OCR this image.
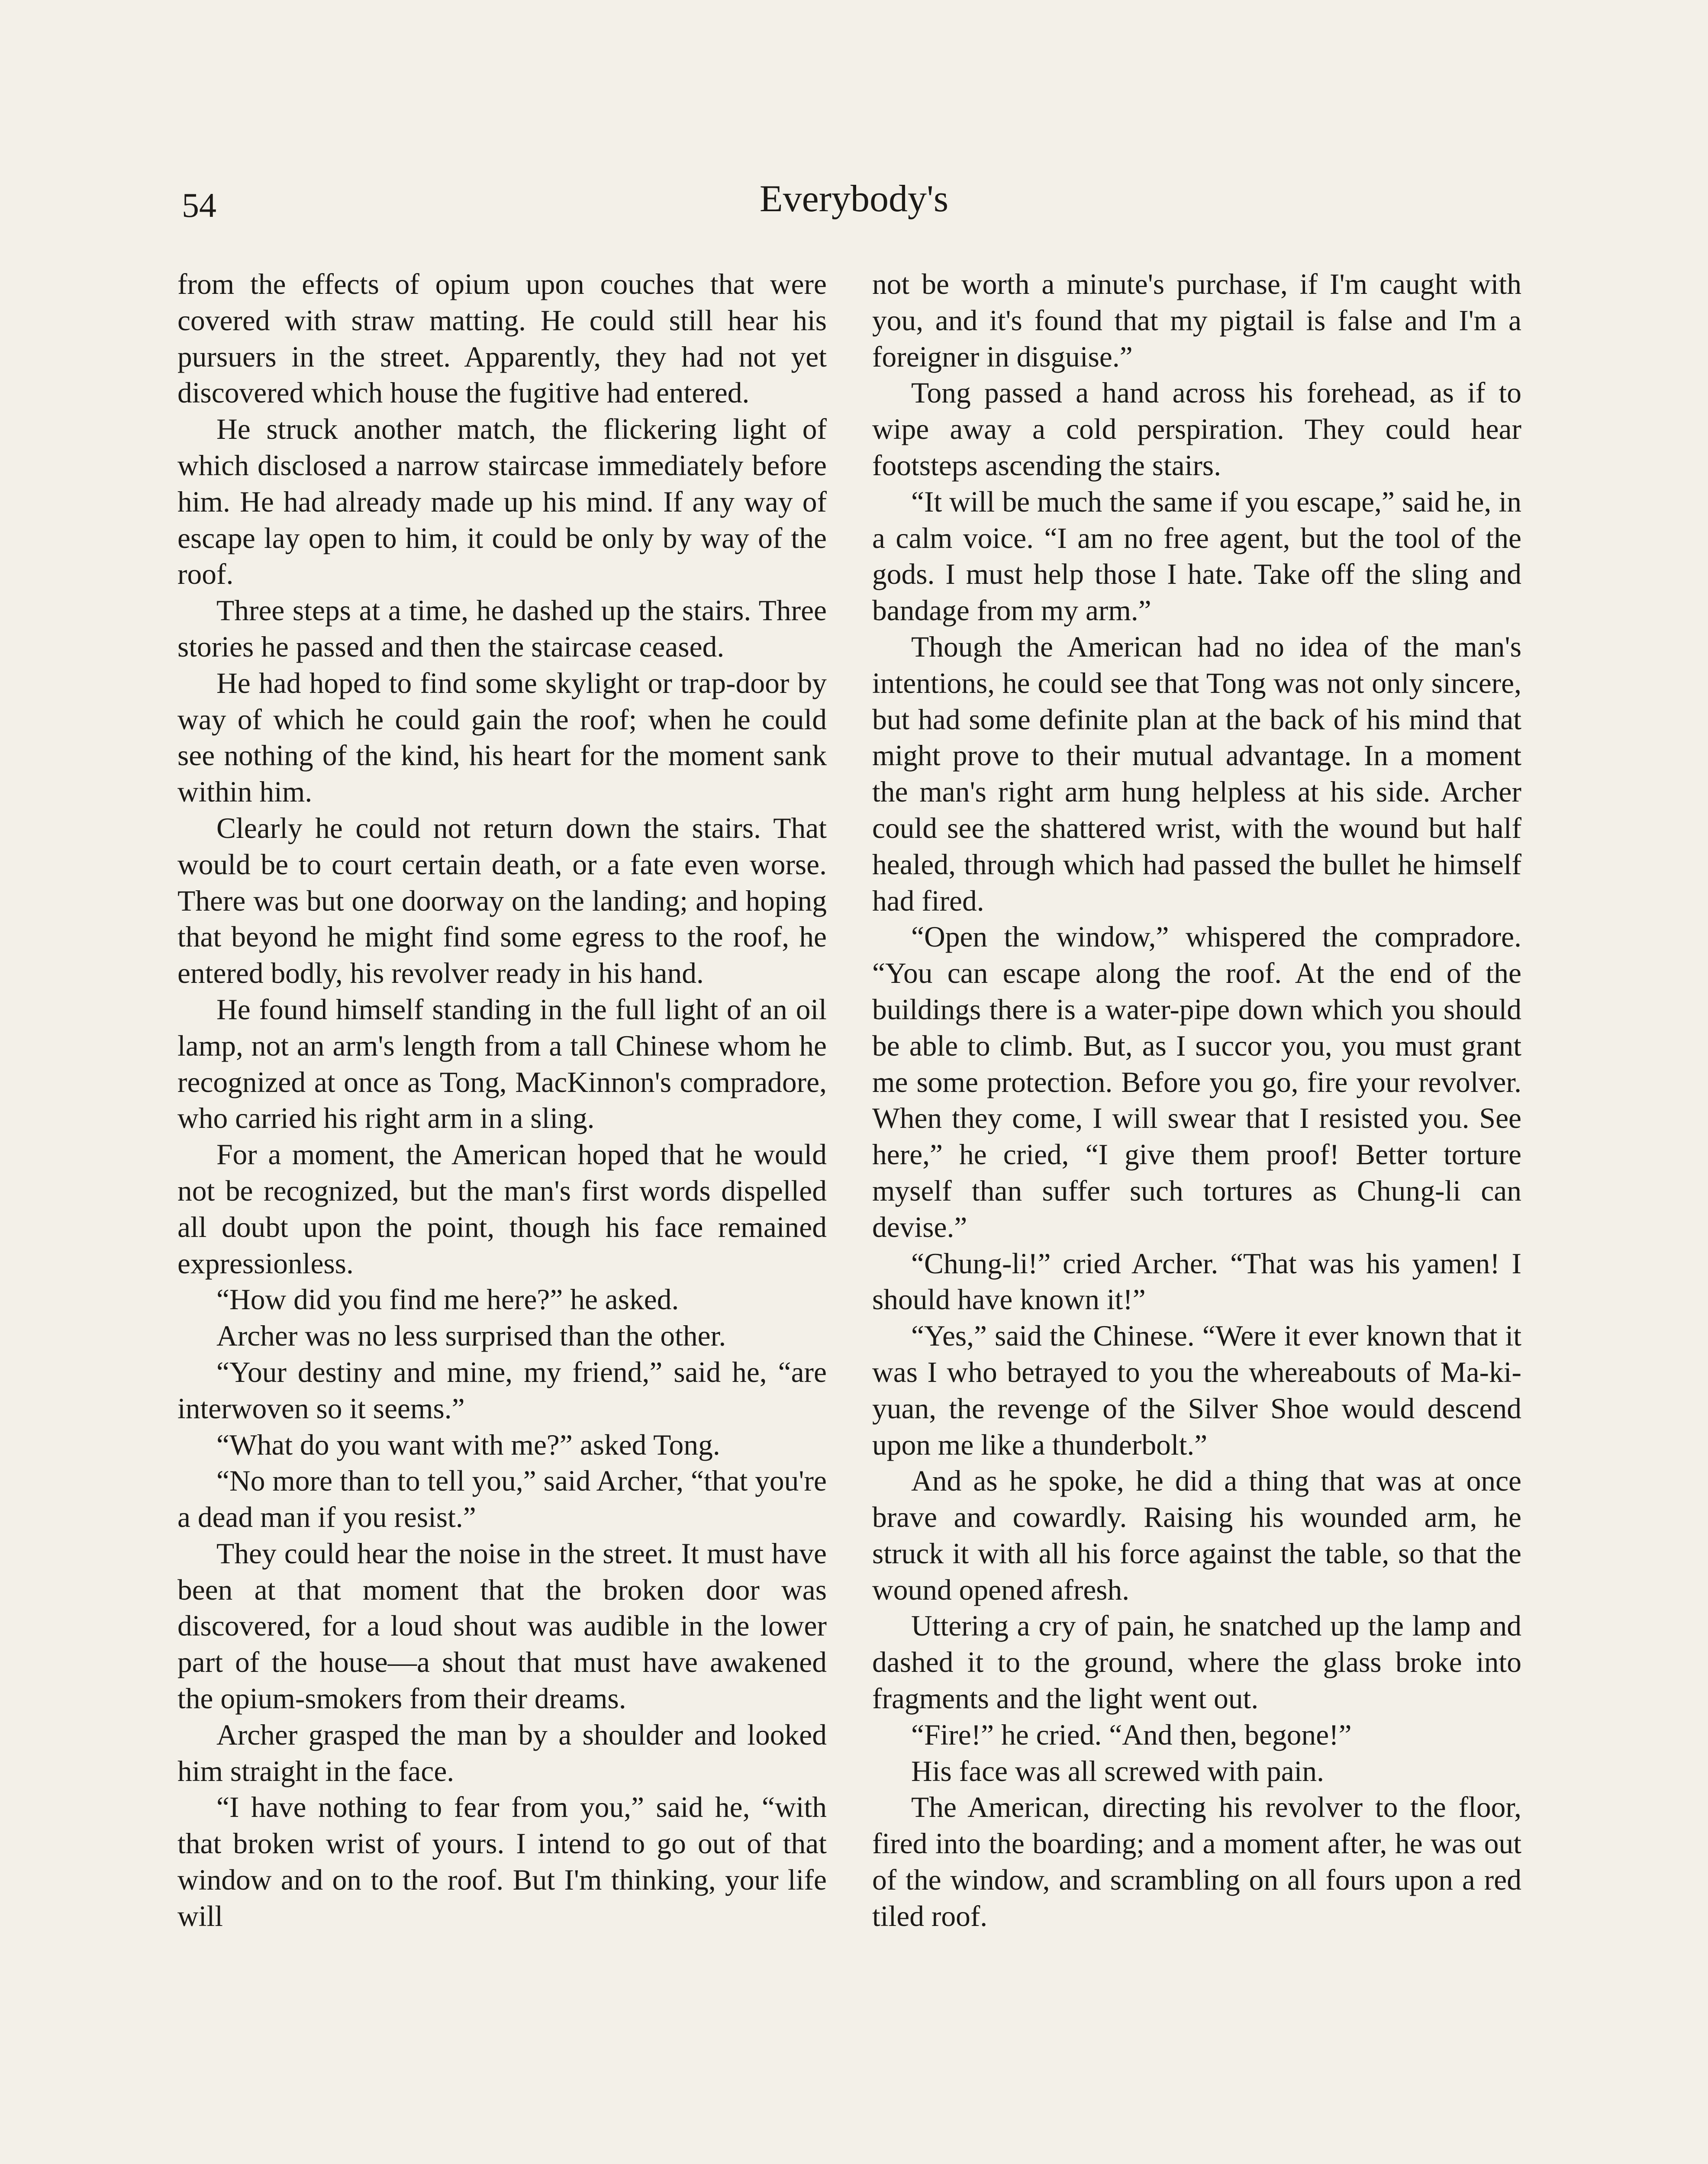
54	Everybody's

from the effects of opium upon couches that were covered with straw matting. He could still hear his pursuers in the street. Apparently, they had not yet discovered which house the fugitive had entered.

He struck another match, the flickering light of which disclosed a narrow staircase immediately before him. He had already made up his mind. If any way of escape lay open to him, it could be only by way of the roof.

Three steps at a time, he dashed up the stairs. Three stories he passed and then the staircase ceased.

He had hoped to find some skylight or trap-door by way of which he could gain the roof; when he could see nothing of the kind, his heart for the moment sank within him.

Clearly he could not return down the stairs. That would be to court certain death, or a fate even worse. There was but one doorway on the landing; and hoping that beyond he might find some egress to the roof, he entered bodly, his revolver ready in his hand.

He found himself standing in the full light of an oil lamp, not an arm's length from a tall Chinese whom he recognized at once as Tong, MacKinnon's compradore, who carried his right arm in a sling.

For a moment, the American hoped that he would not be recognized, but the man's first words dispelled all doubt upon the point, though his face remained expressionless.

“How did you find me here?” he asked.

Archer was no less surprised than the other.

“Your destiny and mine, my friend,” said he, “are interwoven so it seems.”

“What do you want with me?” asked Tong.

“No more than to tell you,” said Archer, “that you're a dead man if you resist.”

They could hear the noise in the street. It must have been at that moment that the broken door was discovered, for a loud shout was audible in the lower part of the house—a shout that must have awakened the opium-smokers from their dreams.

Archer grasped the man by a shoulder and looked him straight in the face.

“I have nothing to fear from you,” said he, “with that broken wrist of yours. I intend to go out of that window and on to the roof. But I'm thinking, your life will

not be worth a minute's purchase, if I'm caught with you, and it's found that my pigtail is false and I'm a foreigner in disguise.”

Tong passed a hand across his forehead, as if to wipe away a cold perspiration. They could hear footsteps ascending the stairs.

“It will be much the same if you escape,” said he, in a calm voice. “I am no free agent, but the tool of the gods. I must help those I hate. Take off the sling and bandage from my arm.”

Though the American had no idea of the man's intentions, he could see that Tong was not only sincere, but had some definite plan at the back of his mind that might prove to their mutual advantage. In a moment the man's right arm hung helpless at his side. Archer could see the shattered wrist, with the wound but half healed, through which had passed the bullet he himself had fired.

“Open the window,” whispered the compradore. “You can escape along the roof. At the end of the buildings there is a water-pipe down which you should be able to climb. But, as I succor you, you must grant me some protection. Before you go, fire your revolver. When they come, I will swear that I resisted you. See here,” he cried, “I give them proof! Better torture myself than suffer such tortures as Chung-li can devise.”

“Chung-li!” cried Archer. “That was his yamen! I should have known it!”

“Yes,” said the Chinese. “Were it ever known that it was I who betrayed to you the whereabouts of Ma-ki-yuan, the revenge of the Silver Shoe would descend upon me like a thunderbolt.”

And as he spoke, he did a thing that was at once brave and cowardly. Raising his wounded arm, he struck it with all his force against the table, so that the wound opened afresh.

Uttering a cry of pain, he snatched up the lamp and dashed it to the ground, where the glass broke into fragments and the light went out.

“Fire!” he cried. “And then, begone!”

His face was all screwed with pain.

The American, directing his revolver to the floor, fired into the boarding; and a moment after, he was out of the window, and scrambling on all fours upon a red tiled roof.
